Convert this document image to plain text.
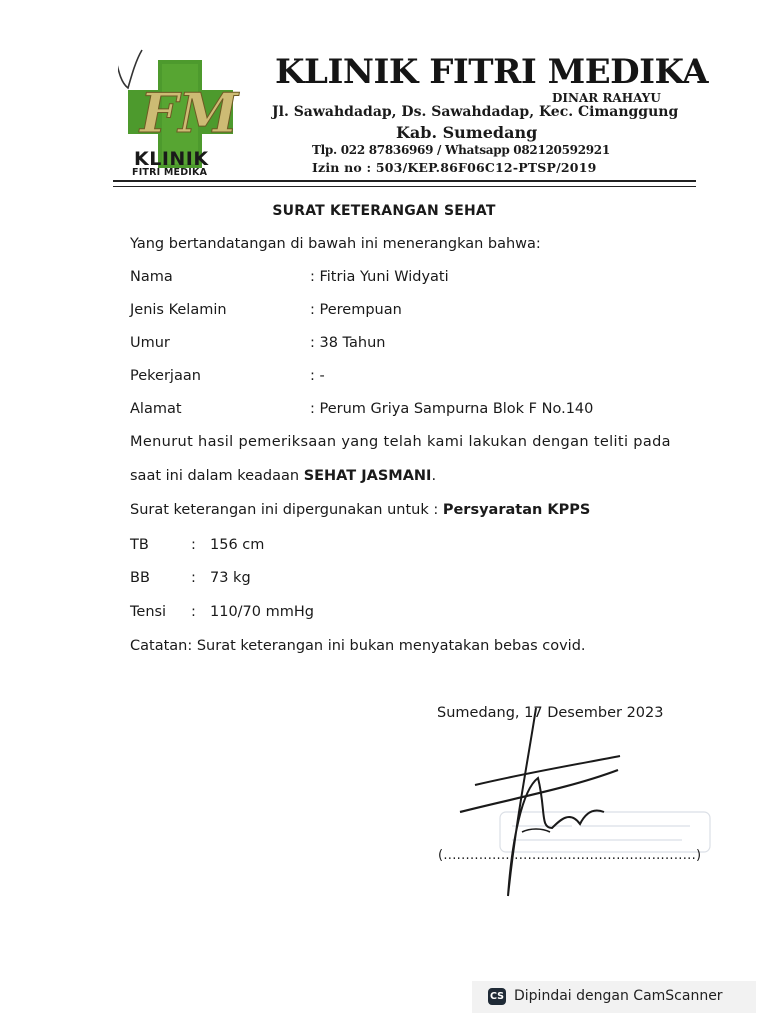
FM
KLINIK
FITRI MEDIKA
KLINIK FITRI MEDIKA
DINAR RAHAYU
Jl. Sawahdadap, Ds. Sawahdadap, Kec. Cimanggung
Kab. Sumedang
Tlp. 022 87836969 / Whatsapp 082120592921
Izin no : 503/KEP.86F06C12-PTSP/2019
SURAT KETERANGAN SEHAT
Yang bertandatangan di bawah ini menerangkan bahwa:
Nama	: Fitria Yuni Widyati
Jenis Kelamin	: Perempuan
Umur	: 38 Tahun
Pekerjaan	: -
Alamat	: Perum Griya Sampurna Blok F No.140
Menurut hasil pemeriksaan yang telah kami lakukan dengan teliti pada
saat ini dalam keadaan SEHAT JASMANI.
Surat keterangan ini dipergunakan untuk : Persyaratan KPPS
TB	: 156 cm
BB	: 73 kg
Tensi : 110/70 mmHg
Catatan: Surat keterangan ini bukan menyatakan bebas covid.
Sumedang, 17 Desember 2023
(.........................................................)
CS Dipindai dengan CamScanner
